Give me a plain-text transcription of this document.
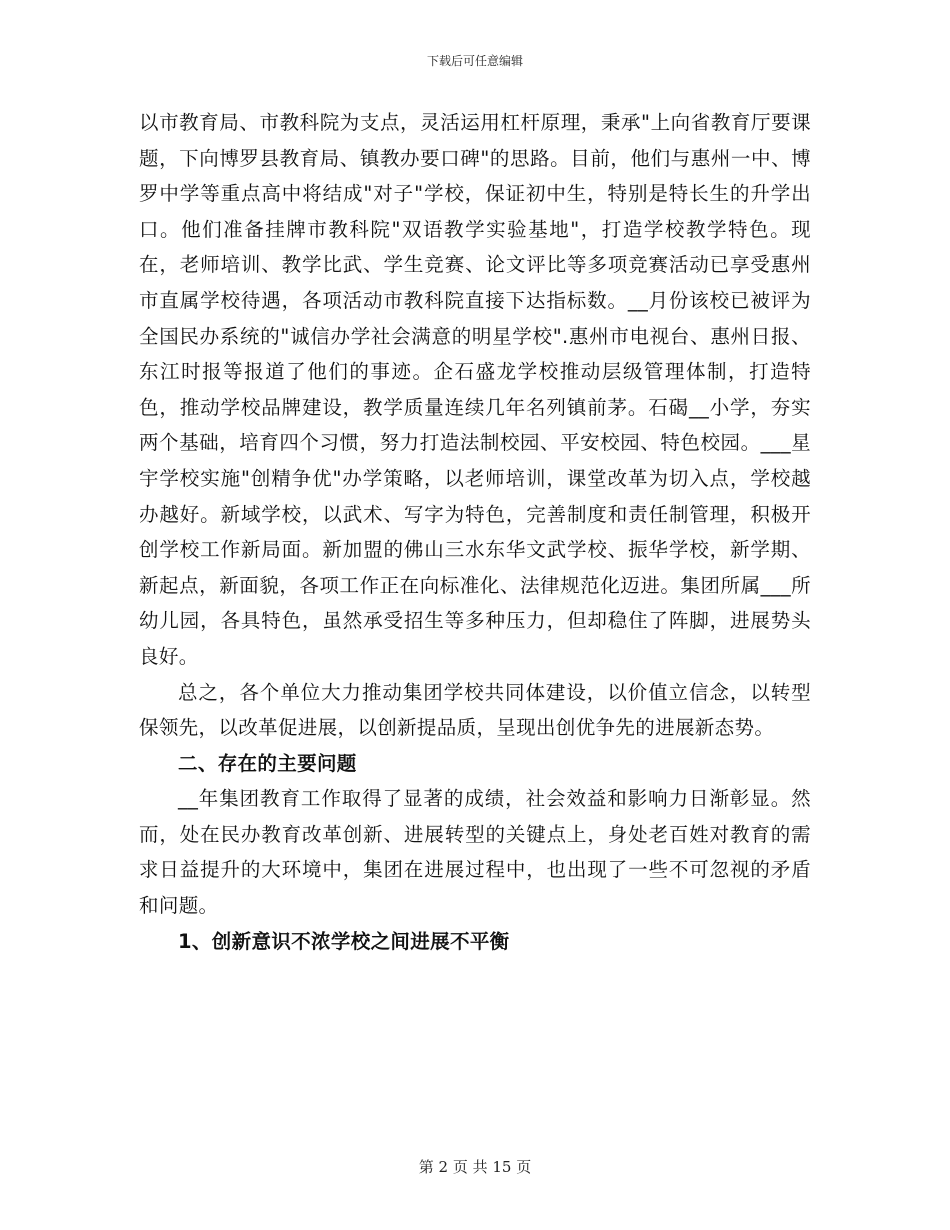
下载后可任意编辑

以市教育局、市教科院为支点，灵活运用杠杆原理，秉承"上向省教育厅要课题，下向博罗县教育局、镇教办要口碑"的思路。目前，他们与惠州一中、博罗中学等重点高中将结成"对子"学校，保证初中生，特别是特长生的升学出口。他们准备挂牌市教科院"双语教学实验基地"，打造学校教学特色。现在，老师培训、教学比武、学生竞赛、论文评比等多项竞赛活动已享受惠州市直属学校待遇，各项活动市教科院直接下达指标数。__月份该校已被评为全国民办系统的"诚信办学社会满意的明星学校".惠州市电视台、惠州日报、东江时报等报道了他们的事迹。企石盛龙学校推动层级管理体制，打造特色，推动学校品牌建设，教学质量连续几年名列镇前茅。石碣__小学，夯实两个基础，培育四个习惯，努力打造法制校园、平安校园、特色校园。___星宇学校实施"创精争优"办学策略，以老师培训，课堂改革为切入点，学校越办越好。新域学校，以武术、写字为特色，完善制度和责任制管理，积极开创学校工作新局面。新加盟的佛山三水东华文武学校、振华学校，新学期、新起点，新面貌，各项工作正在向标准化、法律规范化迈进。集团所属___所幼儿园，各具特色，虽然承受招生等多种压力，但却稳住了阵脚，进展势头良好。

总之，各个单位大力推动集团学校共同体建设，以价值立信念，以转型保领先，以改革促进展，以创新提品质，呈现出创优争先的进展新态势。

二、存在的主要问题

__年集团教育工作取得了显著的成绩，社会效益和影响力日渐彰显。然而，处在民办教育改革创新、进展转型的关键点上，身处老百姓对教育的需求日益提升的大环境中，集团在进展过程中，也出现了一些不可忽视的矛盾和问题。

1、创新意识不浓学校之间进展不平衡

第 2 页 共 15 页
